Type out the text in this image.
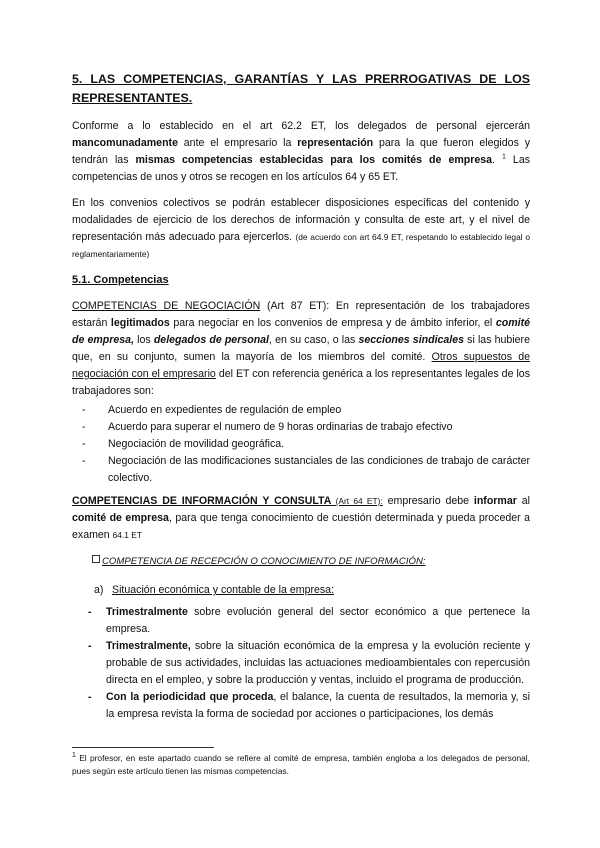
5. LAS COMPETENCIAS, GARANTÍAS Y LAS PRERROGATIVAS DE LOS REPRESENTANTES.

Conforme a lo establecido en el art 62.2 ET, los delegados de personal ejercerán mancomunadamente ante el empresario la representación para la que fueron elegidos y tendrán las mismas competencias establecidas para los comités de empresa. $^1$ Las competencias de unos y otros se recogen en los artículos 64 y 65 ET.

En los convenios colectivos se podrán establecer disposiciones específicas del contenido y modalidades de ejercicio de los derechos de información y consulta de este art, y el nivel de representación más adecuado para ejercerlos. (de acuerdo con art 64.9 ET, respetando lo establecido legal o reglamentariamente)

5.1. Competencias

COMPETENCIAS DE NEGOCIACIÓN (Art 87 ET): En representación de los trabajadores estarán legitimados para negociar en los convenios de empresa y de ámbito inferior, el comité de empresa, los delegados de personal, en su caso, o las secciones sindicales si las hubiere que, en su conjunto, sumen la mayoría de los miembros del comité. Otros supuestos de negociación con el empresario del ET con referencia genérica a los representantes legales de los trabajadores son:

- Acuerdo en expedientes de regulación de empleo
- Acuerdo para superar el numero de 9 horas ordinarias de trabajo efectivo
- Negociación de movilidad geográfica.
- Negociación de las modificaciones sustanciales de las condiciones de trabajo de carácter colectivo.

COMPETENCIAS DE INFORMACIÓN Y CONSULTA (Art 64 ET): empresario debe informar al comité de empresa, para que tenga conocimiento de cuestión determinada y pueda proceder a examen 64.1 ET

COMPETENCIA DE RECEPCIÓN O CONOCIMIENTO DE INFORMACIÓN:
a) Situación económica y contable de la empresa:
- Trimestralmente sobre evolución general del sector económico a que pertenece la empresa.
- Trimestralmente, sobre la situación económica de la empresa y la evolución reciente y probable de sus actividades, incluidas las actuaciones medioambientales con repercusión directa en el empleo, y sobre la producción y ventas, incluido el programa de producción.
- Con la periodicidad que proceda, el balance, la cuenta de resultados, la memoria y, si la empresa revista la forma de sociedad por acciones o participaciones, los demás
$^1$ El profesor, en este apartado cuando se refiere al comité de empresa, también engloba a los delegados de personal, pues según este artículo tienen las mismas competencias.
